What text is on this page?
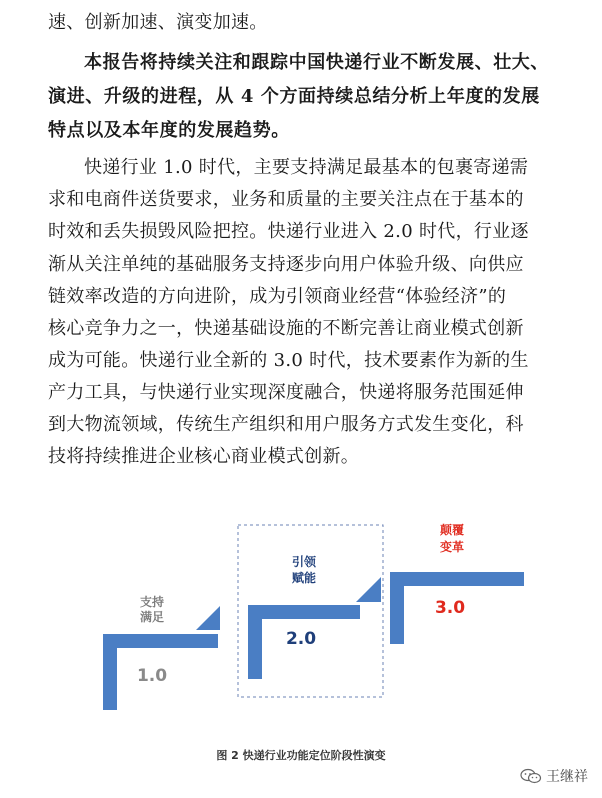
速、创新加速、演变加速。
本报告将持续关注和跟踪中国快递行业不断发展、壮大、
演进、升级的进程，从 4 个方面持续总结分析上年度的发展
特点以及本年度的发展趋势。
快递行业 1.0 时代，主要支持满足最基本的包裹寄递需
求和电商件送货要求，业务和质量的主要关注点在于基本的
时效和丢失损毁风险把控。快递行业进入 2.0 时代，行业逐
渐从关注单纯的基础服务支持逐步向用户体验升级、向供应
链效率改造的方向进阶，成为引领商业经营“体验经济”的
核心竞争力之一，快递基础设施的不断完善让商业模式创新
成为可能。快递行业全新的 3.0 时代，技术要素作为新的生
产力工具，与快递行业实现深度融合，快递将服务范围延伸
到大物流领域，传统生产组织和用户服务方式发生变化，科
技将持续推进企业核心商业模式创新。
支持
满足
1.0
引领
赋能
2.0
颠覆
变革
3.0
图 2 快递行业功能定位阶段性演变
王继祥
